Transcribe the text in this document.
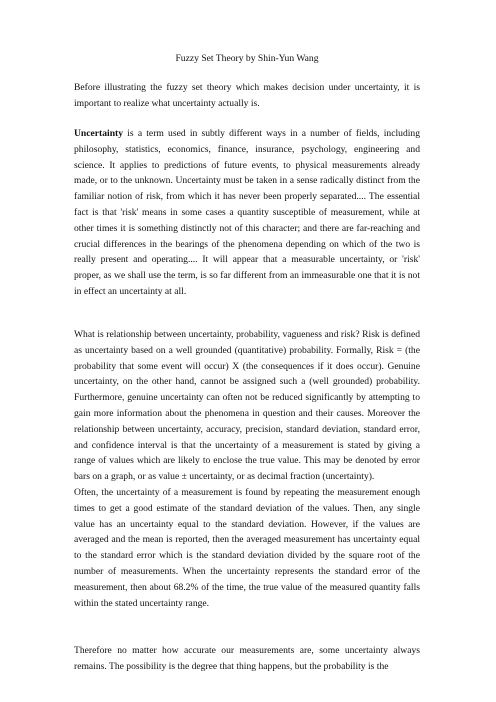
Fuzzy Set Theory by Shin-Yun Wang

Before illustrating the fuzzy set theory which makes decision under uncertainty, it is important to realize what uncertainty actually is.

Uncertainty is a term used in subtly different ways in a number of fields, including philosophy, statistics, economics, finance, insurance, psychology, engineering and science. It applies to predictions of future events, to physical measurements already made, or to the unknown. Uncertainty must be taken in a sense radically distinct from the familiar notion of risk, from which it has never been properly separated.... The essential fact is that 'risk' means in some cases a quantity susceptible of measurement, while at other times it is something distinctly not of this character; and there are far-reaching and crucial differences in the bearings of the phenomena depending on which of the two is really present and operating.... It will appear that a measurable uncertainty, or 'risk' proper, as we shall use the term, is so far different from an immeasurable one that it is not in effect an uncertainty at all.

What is relationship between uncertainty, probability, vagueness and risk? Risk is defined as uncertainty based on a well grounded (quantitative) probability. Formally, Risk = (the probability that some event will occur) X (the consequences if it does occur). Genuine uncertainty, on the other hand, cannot be assigned such a (well grounded) probability. Furthermore, genuine uncertainty can often not be reduced significantly by attempting to gain more information about the phenomena in question and their causes. Moreover the relationship between uncertainty, accuracy, precision, standard deviation, standard error, and confidence interval is that the uncertainty of a measurement is stated by giving a range of values which are likely to enclose the true value. This may be denoted by error bars on a graph, or as value ± uncertainty, or as decimal fraction (uncertainty).

Often, the uncertainty of a measurement is found by repeating the measurement enough times to get a good estimate of the standard deviation of the values. Then, any single value has an uncertainty equal to the standard deviation. However, if the values are averaged and the mean is reported, then the averaged measurement has uncertainty equal to the standard error which is the standard deviation divided by the square root of the number of measurements. When the uncertainty represents the standard error of the measurement, then about 68.2% of the time, the true value of the measured quantity falls within the stated uncertainty range.

Therefore no matter how accurate our measurements are, some uncertainty always remains. The possibility is the degree that thing happens, but the probability is the
